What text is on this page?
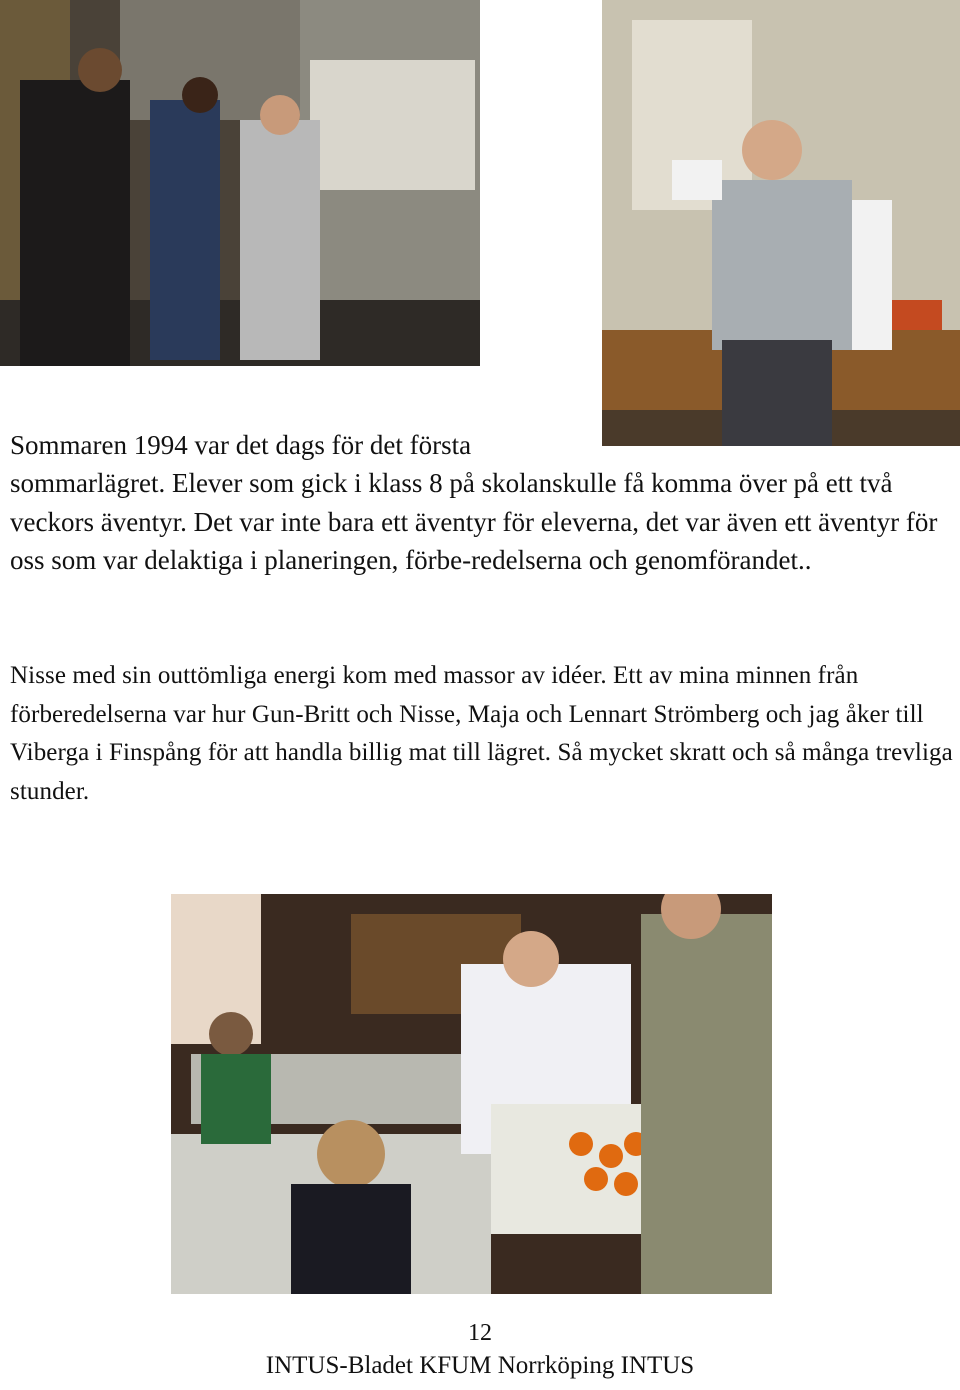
Sommaren 1994 var det dags för det första

sommarlägret. Elever som gick i klass 8 på skolanskulle få komma över på ett två veckors äventyr. Det var inte bara ett äventyr för eleverna, det var även ett äventyr för oss som var delaktiga i planeringen, förbe-redelserna och genomförandet..

Nisse med sin outtömliga energi kom med massor av idéer. Ett av mina minnen från förberedelserna var hur Gun-Britt och Nisse, Maja och Lennart Strömberg och jag åker till Viberga i Finspång för att handla billig mat till lägret. Så mycket skratt och så många trevliga stunder.

12
INTUS-Bladet KFUM Norrköping INTUS
